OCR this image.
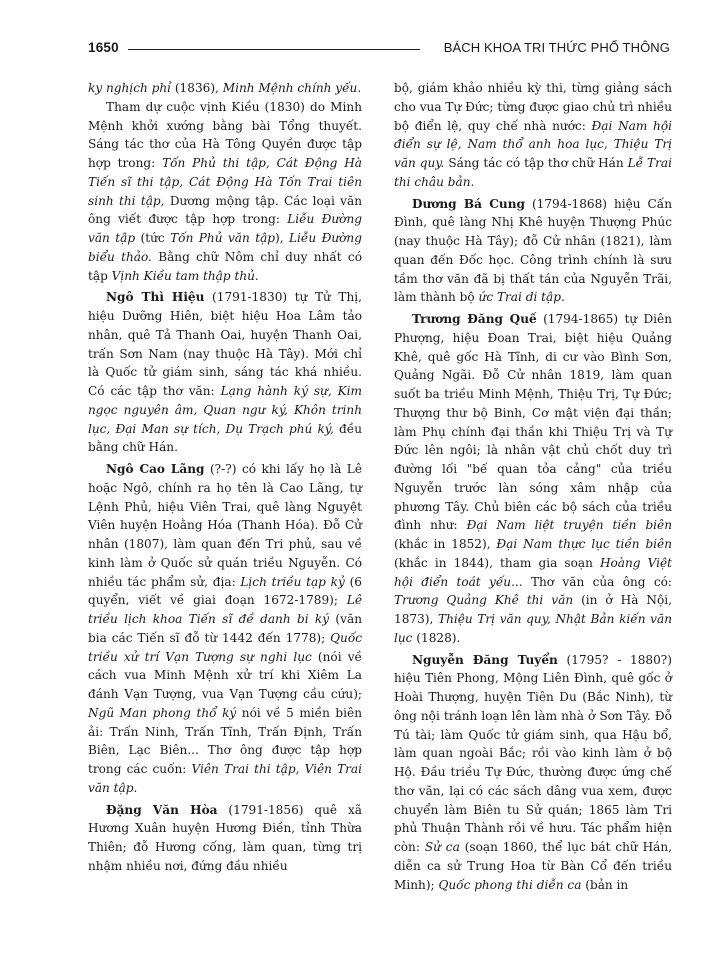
1650	BÁCH KHOA TRI THỨC PHỔ THÔNG

ky nghịch phỉ (1836), Minh Mệnh chính yếu.

Tham dự cuộc vịnh Kiều (1830) do Minh Mệnh khởi xướng bằng bài Tổng thuyết. Sáng tác thơ của Hà Tông Quyền được tập hợp trong: Tốn Phủ thi tập, Cát Động Hà Tiến sĩ thi tập, Cát Động Hà Tốn Trai tiên sinh thi tập, Dương mộng tập. Các loại văn ông viết được tập hợp trong: Liễu Đường văn tập (tức Tốn Phủ văn tập), Liễu Đường biểu thảo. Bằng chữ Nôm chỉ duy nhất có tập Vịnh Kiều tam thập thủ.

Ngô Thì Hiệu (1791-1830) tự Tử Thị, hiệu Dưỡng Hiên, biệt hiệu Hoa Lâm tảo nhân, quê Tả Thanh Oai, huyện Thanh Oai, trấn Sơn Nam (nay thuộc Hà Tây). Mới chỉ là Quốc tử giám sinh, sáng tác khá nhiều. Có các tập thơ văn: Lạng hành ký sự, Kim ngọc nguyên âm, Quan ngư ký, Khôn trinh lục, Đại Man sự tích, Dụ Trạch phú ký, đều bằng chữ Hán.

Ngô Cao Lãng (?-?) có khi lấy họ là Lê hoặc Ngô, chính ra họ tên là Cao Lãng, tự Lệnh Phủ, hiệu Viên Trai, quê làng Nguyệt Viên huyện Hoằng Hóa (Thanh Hóa). Đỗ Cử nhân (1807), làm quan đến Tri phủ, sau về kinh làm ở Quốc sử quán triều Nguyễn. Có nhiều tác phẩm sử, địa: Lịch triều tạp kỷ (6 quyển, viết về giai đoạn 1672-1789); Lê triều lịch khoa Tiến sĩ đề danh bi ký (văn bia các Tiến sĩ đỗ từ 1442 đến 1778); Quốc triều xử trí Vạn Tượng sự nghi lục (nói về cách vua Minh Mệnh xử trí khi Xiêm La đánh Vạn Tượng, vua Vạn Tượng cầu cứu); Ngũ Man phong thổ ký nói về 5 miền biên ải: Trấn Ninh, Trấn Tĩnh, Trấn Định, Trấn Biên, Lạc Biên... Thơ ông được tập hợp trong các cuốn: Viên Trai thi tập, Viên Trai văn tập.

Đặng Văn Hòa (1791-1856) quê xã Hương Xuân huyện Hương Điền, tỉnh Thừa Thiên; đỗ Hương cống, làm quan, từng trị nhậm nhiều nơi, đứng đầu nhiều

bộ, giám khảo nhiều kỳ thi, từng giảng sách cho vua Tự Đức; từng được giao chủ trì nhiều bộ điển lệ, quy chế nhà nước: Đại Nam hội điển sự lệ, Nam thổ anh hoa lục, Thiệu Trị văn quy. Sáng tác có tập thơ chữ Hán Lễ Trai thi châu bản.

Dương Bá Cung (1794-1868) hiệu Cấn Đình, quê làng Nhị Khê huyện Thượng Phúc (nay thuộc Hà Tây); đỗ Cử nhân (1821), làm quan đến Đốc học. Công trình chính là sưu tầm thơ văn đã bị thất tán của Nguyễn Trãi, làm thành bộ ức Trai di tập.

Trương Đăng Quế (1794-1865) tự Diên Phượng, hiệu Đoan Trai, biệt hiệu Quảng Khê, quê gốc Hà Tĩnh, di cư vào Bình Sơn, Quảng Ngãi. Đỗ Cử nhân 1819, làm quan suốt ba triều Minh Mệnh, Thiệu Trị, Tự Đức; Thượng thư bộ Binh, Cơ mật viện đại thần; làm Phụ chính đại thần khi Thiệu Trị và Tự Đức lên ngôi; là nhân vật chủ chốt duy trì đường lối "bế quan tỏa cảng" của triều Nguyễn trước làn sóng xâm nhập của phương Tây. Chủ biên các bộ sách của triều đình như: Đại Nam liệt truyện tiền biên (khắc in 1852), Đại Nam thực lục tiền biên (khắc in 1844), tham gia soạn Hoàng Việt hội điển toát yếu... Thơ văn của ông có: Trương Quảng Khê thi văn (in ở Hà Nội, 1873), Thiệu Trị văn quy, Nhật Bản kiến văn lục (1828).

Nguyễn Đăng Tuyển (1795? - 1880?) hiệu Tiên Phong, Mộng Liên Đình, quê gốc ở Hoài Thượng, huyện Tiên Du (Bắc Ninh), từ ông nội tránh loạn lên làm nhà ở Sơn Tây. Đỗ Tú tài; làm Quốc tử giám sinh, qua Hậu bổ, làm quan ngoài Bắc; rồi vào kinh làm ở bộ Hộ. Đầu triều Tự Đức, thường được ứng chế thơ văn, lại có các sách dâng vua xem, được chuyển làm Biên tu Sử quán; 1865 làm Tri phủ Thuận Thành rồi về hưu. Tác phẩm hiện còn: Sử ca (soạn 1860, thể lục bát chữ Hán, diễn ca sử Trung Hoa từ Bàn Cổ đến triều Minh); Quốc phong thi diễn ca (bản in
